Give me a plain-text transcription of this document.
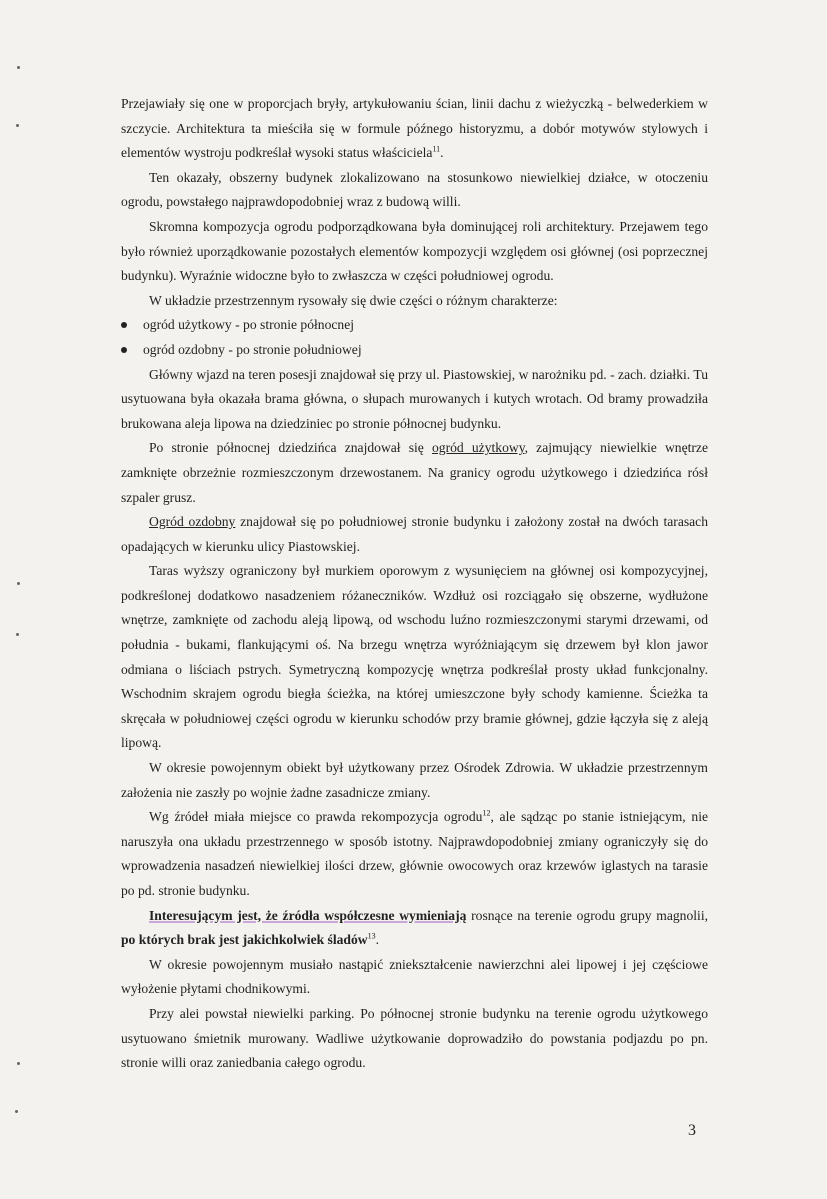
Przejawiały się one w proporcjach bryły, artykułowaniu ścian, linii dachu z wieżyczką - belwederkiem w szczycie. Architektura ta mieściła się w formule późnego historyzmu, a dobór motywów stylowych i elementów wystroju podkreślał wysoki status właściciela$^{11}$.

Ten okazały, obszerny budynek zlokalizowano na stosunkowo niewielkiej działce, w otoczeniu ogrodu, powstałego najprawdopodobniej wraz z budową willi.

Skromna kompozycja ogrodu podporządkowana była dominującej roli architektury. Przejawem tego było również uporządkowanie pozostałych elementów kompozycji względem osi głównej (osi poprzecznej budynku). Wyraźnie widoczne było to zwłaszcza w części południowej ogrodu.

W układzie przestrzennym rysowały się dwie części o różnym charakterze:

ogród użytkowy - po stronie północnej

ogród ozdobny - po stronie południowej

Główny wjazd na teren posesji znajdował się przy ul. Piastowskiej, w narożniku pd. - zach. działki. Tu usytuowana była okazała brama główna, o słupach murowanych i kutych wrotach. Od bramy prowadziła brukowana aleja lipowa na dziedziniec po stronie północnej budynku.

Po stronie północnej dziedzińca znajdował się ogród użytkowy, zajmujący niewielkie wnętrze zamknięte obrzeżnie rozmieszczonym drzewostanem. Na granicy ogrodu użytkowego i dziedzińca rósł szpaler grusz.

Ogród ozdobny znajdował się po południowej stronie budynku i założony został na dwóch tarasach opadających w kierunku ulicy Piastowskiej.

Taras wyższy ograniczony był murkiem oporowym z wysunięciem na głównej osi kompozycyjnej, podkreślonej dodatkowo nasadzeniem różaneczników. Wzdłuż osi rozciągało się obszerne, wydłużone wnętrze, zamknięte od zachodu aleją lipową, od wschodu luźno rozmieszczonymi starymi drzewami, od południa - bukami, flankującymi oś. Na brzegu wnętrza wyróżniającym się drzewem był klon jawor odmiana o liściach pstrych. Symetryczną kompozycję wnętrza podkreślał prosty układ funkcjonalny. Wschodnim skrajem ogrodu biegła ścieżka, na której umieszczone były schody kamienne. Ścieżka ta skręcała w południowej części ogrodu w kierunku schodów przy bramie głównej, gdzie łączyła się z aleją lipową.

W okresie powojennym obiekt był użytkowany przez Ośrodek Zdrowia. W układzie przestrzennym założenia nie zaszły po wojnie żadne zasadnicze zmiany.

Wg źródeł miała miejsce co prawda rekompozycja ogrodu$^{12}$, ale sądząc po stanie istniejącym, nie naruszyła ona układu przestrzennego w sposób istotny. Najprawdopodobniej zmiany ograniczyły się do wprowadzenia nasadzeń niewielkiej ilości drzew, głównie owocowych oraz krzewów iglastych na tarasie po pd. stronie budynku.

Interesującym jest, że źródła współczesne wymieniają rosnące na terenie ogrodu grupy magnolii, po których brak jest jakichkolwiek śladów$^{13}$.

W okresie powojennym musiało nastąpić zniekształcenie nawierzchni alei lipowej i jej częściowe wyłożenie płytami chodnikowymi.

Przy alei powstał niewielki parking. Po północnej stronie budynku na terenie ogrodu użytkowego usytuowano śmietnik murowany. Wadliwe użytkowanie doprowadziło do powstania podjazdu po pn. stronie willi oraz zaniedbania całego ogrodu.

3
